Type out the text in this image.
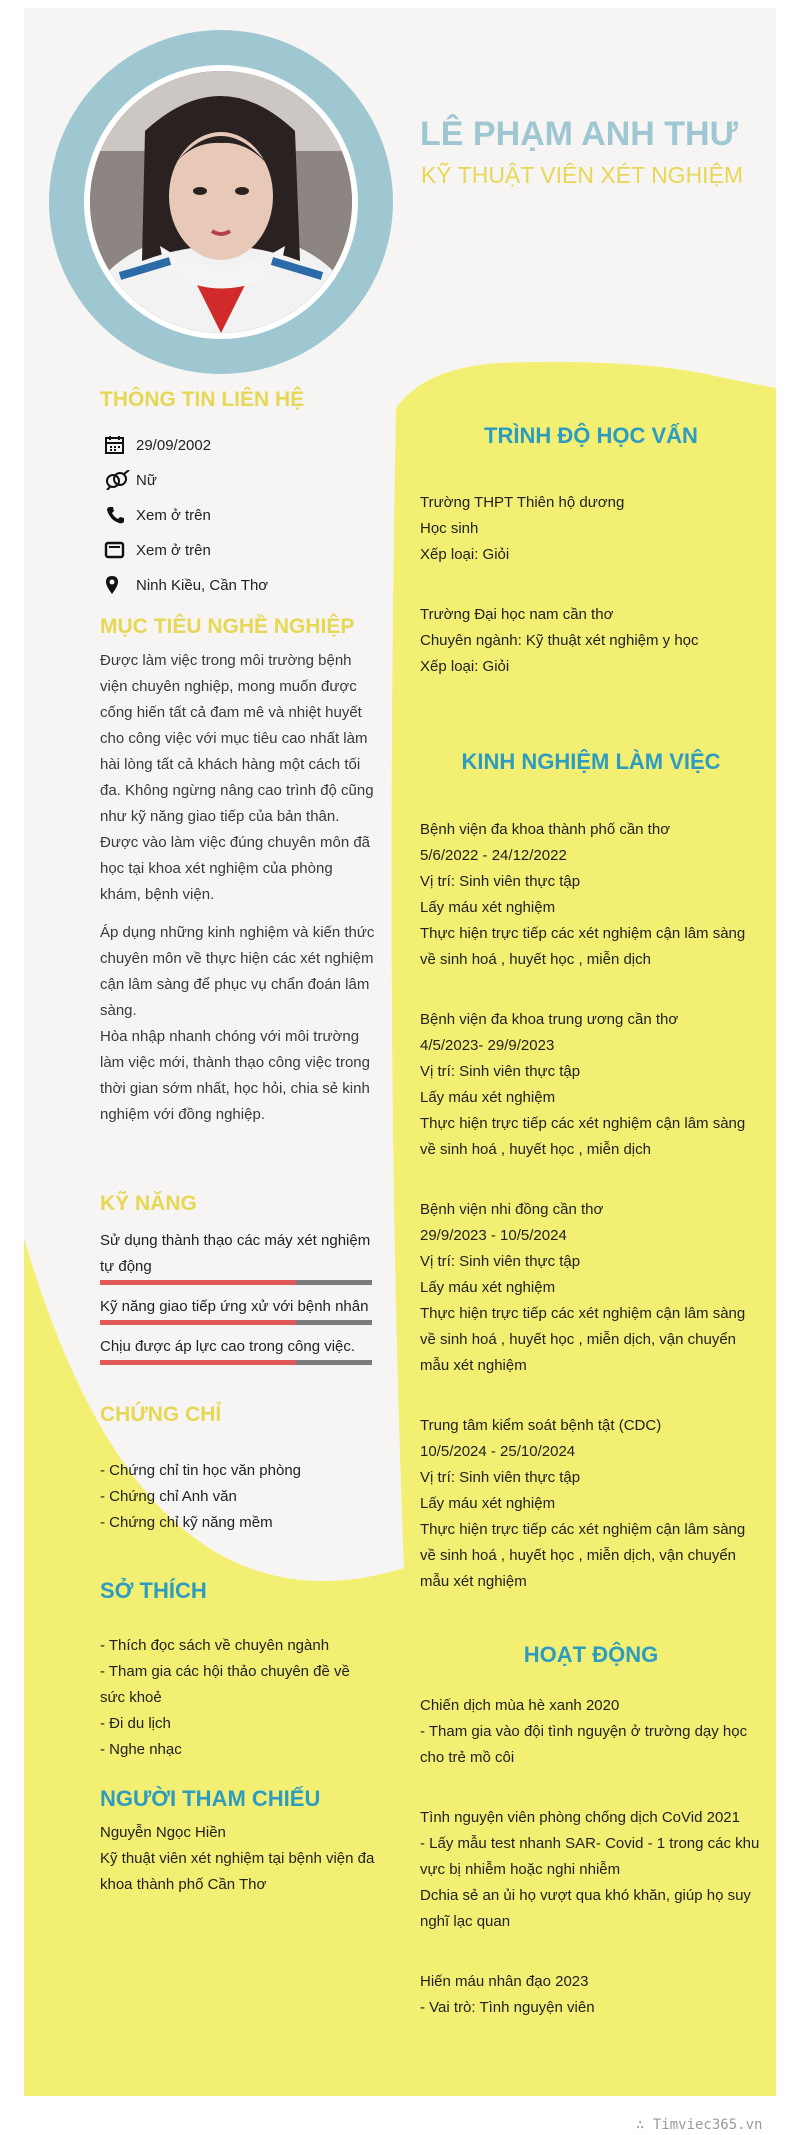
LÊ PHẠM ANH THƯ
KỸ THUẬT VIÊN XÉT NGHIỆM
THÔNG TIN LIÊN HỆ
29/09/2002
Nữ
Xem ở trên
Xem ở trên
Ninh Kiều, Cần Thơ
MỤC TIÊU NGHỀ NGHIỆP
Được làm việc trong môi trường bệnh
viện chuyên nghiệp, mong muốn được
cống hiến tất cả đam mê và nhiệt huyết
cho công việc với mục tiêu cao nhất làm
hài lòng tất cả khách hàng một cách tối
đa. Không ngừng nâng cao trình độ cũng
như kỹ năng giao tiếp của bản thân.
Được vào làm việc đúng chuyên môn đã
học tại khoa xét nghiệm của phòng
khám, bệnh viện.
Áp dụng những kinh nghiệm và kiến thức
chuyên môn về thực hiện các xét nghiệm
cận lâm sàng để phục vụ chẩn đoán lâm
sàng.
Hòa nhập nhanh chóng với môi trường
làm việc mới, thành thạo công việc trong
thời gian sớm nhất, học hỏi, chia sẻ kinh
nghiệm với đồng nghiệp.
KỸ NĂNG
Sử dụng thành thạo các máy xét nghiệm
tự động
Kỹ năng giao tiếp ứng xử với bệnh nhân
Chịu được áp lực cao trong công việc.
CHỨNG CHỈ
- Chứng chỉ tin học văn phòng
- Chứng chỉ Anh văn
- Chứng chỉ kỹ năng mềm
SỞ THÍCH
- Thích đọc sách về chuyên ngành
- Tham gia các hội thảo chuyên đề về
sức khoẻ
- Đi du lịch
- Nghe nhạc
NGƯỜI THAM CHIẾU
Nguyễn Ngọc Hiền
Kỹ thuật viên xét nghiệm tại bệnh viện đa
khoa thành phố Cần Thơ
TRÌNH ĐỘ HỌC VẤN
Trường THPT Thiên hộ dương
Học sinh
Xếp loại: Giỏi
Trường Đại học nam cần thơ
Chuyên ngành: Kỹ thuật xét nghiệm y học
Xếp loại: Giỏi
KINH NGHIỆM LÀM VIỆC
Bệnh viện đa khoa thành phố cần thơ
5/6/2022 - 24/12/2022
Vị trí: Sinh viên thực tập
Lấy máu xét nghiệm
Thực hiện trực tiếp các xét nghiệm cận lâm sàng
về sinh hoá , huyết học , miễn dịch
Bệnh viện đa khoa trung ương cần thơ
4/5/2023- 29/9/2023
Vị trí: Sinh viên thực tập
Lấy máu xét nghiệm
Thực hiện trực tiếp các xét nghiệm cận lâm sàng
về sinh hoá , huyết học , miễn dịch
Bệnh viện nhi đồng cần thơ
29/9/2023 - 10/5/2024
Vị trí: Sinh viên thực tập
Lấy máu xét nghiệm
Thực hiện trực tiếp các xét nghiệm cận lâm sàng
về sinh hoá , huyết học , miễn dịch, vận chuyển
mẫu xét nghiệm
Trung tâm kiểm soát bệnh tật (CDC)
10/5/2024 - 25/10/2024
Vị trí: Sinh viên thực tập
Lấy máu xét nghiệm
Thực hiện trực tiếp các xét nghiệm cận lâm sàng
về sinh hoá , huyết học , miễn dịch, vận chuyển
mẫu xét nghiệm
HOẠT ĐỘNG
Chiến dịch mùa hè xanh 2020
- Tham gia vào đội tình nguyện ở trường dạy học
cho trẻ mồ côi
Tình nguyện viên phòng chống dịch CoVid 2021
- Lấy mẫu test nhanh SAR- Covid - 1 trong các khu
vực bị nhiễm hoặc nghi nhiễm
Dchia sẻ an ủi họ vượt qua khó khăn, giúp họ suy
nghĩ lạc quan
Hiến máu nhân đạo 2023
- Vai trò: Tình nguyện viên
∴ Timviec365.vn
